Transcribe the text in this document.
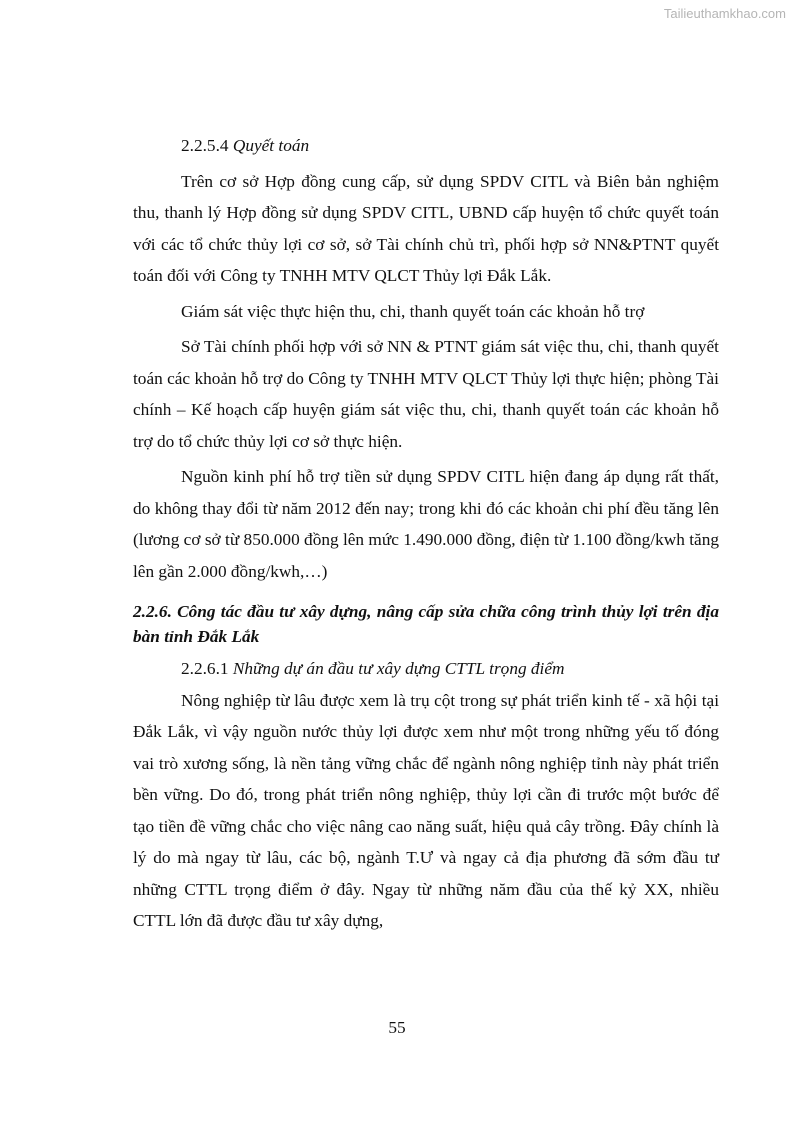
Tailieuthamkhao.com

2.2.5.4 Quyết toán

Trên cơ sở Hợp đồng cung cấp, sử dụng SPDV CITL và Biên bản nghiệm thu, thanh lý Hợp đồng sử dụng SPDV CITL, UBND cấp huyện tổ chức quyết toán với các tổ chức thủy lợi cơ sở, sở Tài chính chủ trì, phối hợp sở NN&PTNT quyết toán đối với Công ty TNHH MTV QLCT Thủy lợi Đắk Lắk.

Giám sát việc thực hiện thu, chi, thanh quyết toán các khoản hỗ trợ

Sở Tài chính phối hợp với sở NN & PTNT giám sát việc thu, chi, thanh quyết toán các khoản hỗ trợ do Công ty TNHH MTV QLCT Thủy lợi thực hiện; phòng Tài chính – Kế hoạch cấp huyện giám sát việc thu, chi, thanh quyết toán các khoản hỗ trợ do tổ chức thủy lợi cơ sở thực hiện.

Nguồn kinh phí hỗ trợ tiền sử dụng SPDV CITL hiện đang áp dụng rất thất, do không thay đổi từ năm 2012 đến nay; trong khi đó các khoản chi phí đều tăng lên (lương cơ sở từ 850.000 đồng lên mức 1.490.000 đồng, điện từ 1.100 đồng/kwh tăng lên gần 2.000 đồng/kwh,…)

2.2.6. Công tác đầu tư xây dựng, nâng cấp sửa chữa công trình thủy lợi trên địa bàn tỉnh Đắk Lắk

2.2.6.1 Những dự án đầu tư xây dựng CTTL trọng điểm

Nông nghiệp từ lâu được xem là trụ cột trong sự phát triển kinh tế - xã hội tại Đắk Lắk, vì vậy nguồn nước thủy lợi được xem như một trong những yếu tố đóng vai trò xương sống, là nền tảng vững chắc để ngành nông nghiệp tỉnh này phát triển bền vững. Do đó, trong phát triển nông nghiệp, thủy lợi cần đi trước một bước để tạo tiền đề vững chắc cho việc nâng cao năng suất, hiệu quả cây trồng. Đây chính là lý do mà ngay từ lâu, các bộ, ngành T.Ư và ngay cả địa phương đã sớm đầu tư những CTTL trọng điểm ở đây. Ngay từ những năm đầu của thế kỷ XX, nhiều CTTL lớn đã được đầu tư xây dựng,

55
